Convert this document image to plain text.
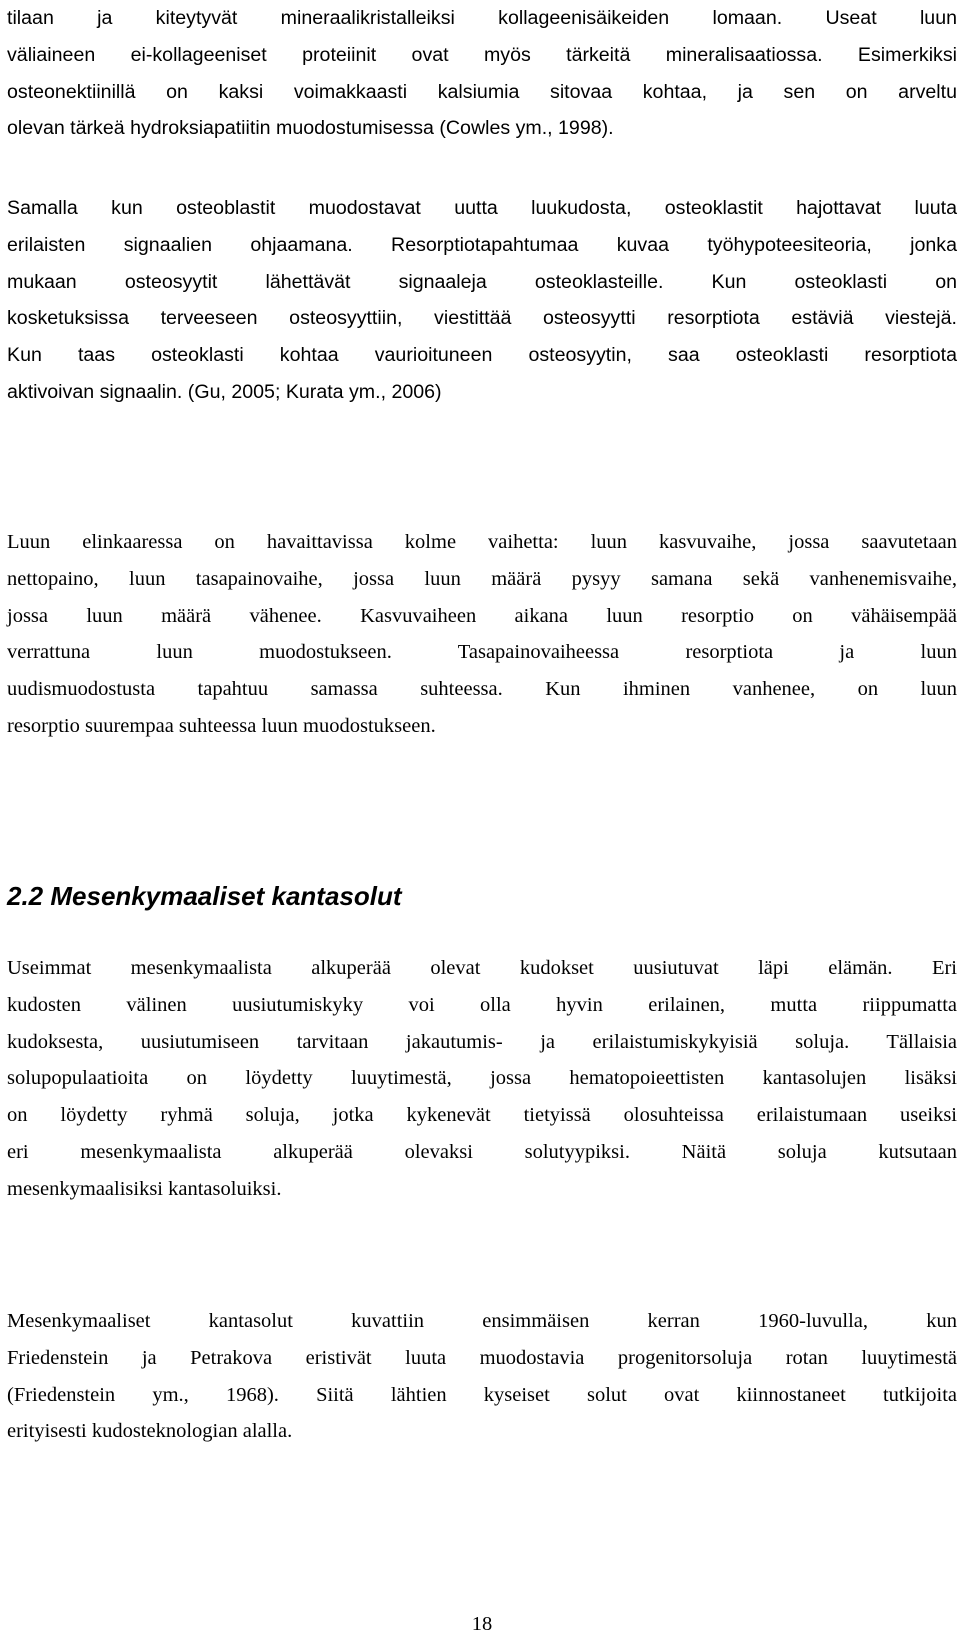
tilaan ja kiteytyvät mineraalikristalleiksi kollageenisäikeiden lomaan. Useat luun
väliaineen ei-kollageeniset proteiinit ovat myös tärkeitä mineralisaatiossa. Esimerkiksi
osteonektiinillä on kaksi voimakkaasti kalsiumia sitovaa kohtaa, ja sen on arveltu
olevan tärkeä hydroksiapatiitin muodostumisessa (Cowles ym., 1998).
Samalla kun osteoblastit muodostavat uutta luukudosta, osteoklastit hajottavat luuta
erilaisten signaalien ohjaamana. Resorptiotapahtumaa kuvaa työhypoteesiteoria, jonka
mukaan osteosyytit lähettävät signaaleja osteoklasteille. Kun osteoklasti on
kosketuksissa terveeseen osteosyyttiin, viestittää osteosyytti resorptiota estäviä viestejä.
Kun taas osteoklasti kohtaa vaurioituneen osteosyytin, saa osteoklasti resorptiota
aktivoivan signaalin. (Gu, 2005; Kurata ym., 2006)
Luun elinkaaressa on havaittavissa kolme vaihetta: luun kasvuvaihe, jossa saavutetaan
nettopaino, luun tasapainovaihe, jossa luun määrä pysyy samana sekä vanhenemisvaihe,
jossa luun määrä vähenee. Kasvuvaiheen aikana luun resorptio on vähäisempää
verrattuna luun muodostukseen. Tasapainovaiheessa resorptiota ja luun
uudismuodostusta tapahtuu samassa suhteessa. Kun ihminen vanhenee, on luun
resorptio suurempaa suhteessa luun muodostukseen.
2.2 Mesenkymaaliset kantasolut
Useimmat mesenkymaalista alkuperää olevat kudokset uusiutuvat läpi elämän. Eri
kudosten välinen uusiutumiskyky voi olla hyvin erilainen, mutta riippumatta
kudoksesta, uusiutumiseen tarvitaan jakautumis- ja erilaistumiskykyisiä soluja. Tällaisia
solupopulaatioita on löydetty luuytimestä, jossa hematopoieettisten kantasolujen lisäksi
on löydetty ryhmä soluja, jotka kykenevät tietyissä olosuhteissa erilaistumaan useiksi
eri mesenkymaalista alkuperää olevaksi solutyypiksi. Näitä soluja kutsutaan
mesenkymaalisiksi kantasoluiksi.
Mesenkymaaliset kantasolut kuvattiin ensimmäisen kerran 1960-luvulla, kun
Friedenstein ja Petrakova eristivät luuta muodostavia progenitorsoluja rotan luuytimestä
(Friedenstein ym., 1968). Siitä lähtien kyseiset solut ovat kiinnostaneet tutkijoita
erityisesti kudosteknologian alalla.
18
